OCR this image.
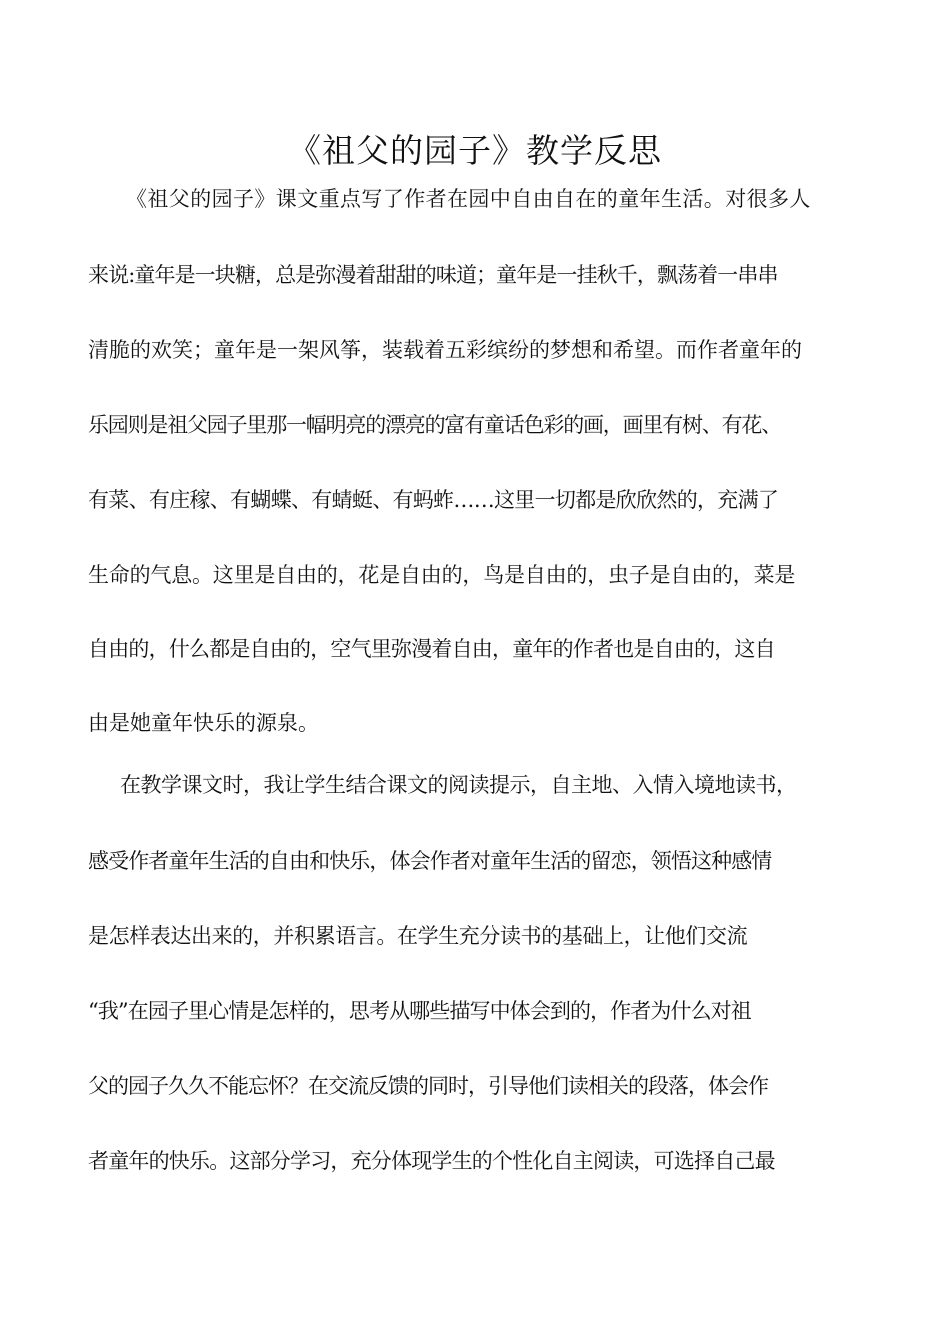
《祖父的园子》教学反思
《祖父的园子》课文重点写了作者在园中自由自在的童年生活。对很多人
来说:童年是一块糖，总是弥漫着甜甜的味道；童年是一挂秋千，飘荡着一串串
清脆的欢笑；童年是一架风筝，装载着五彩缤纷的梦想和希望。而作者童年的
乐园则是祖父园子里那一幅明亮的漂亮的富有童话色彩的画，画里有树、有花、
有菜、有庄稼、有蝴蝶、有蜻蜓、有蚂蚱……这里一切都是欣欣然的，充满了
生命的气息。这里是自由的，花是自由的，鸟是自由的，虫子是自由的，菜是
自由的，什么都是自由的，空气里弥漫着自由，童年的作者也是自由的，这自
由是她童年快乐的源泉。
在教学课文时，我让学生结合课文的阅读提示，自主地、入情入境地读书，
感受作者童年生活的自由和快乐，体会作者对童年生活的留恋，领悟这种感情
是怎样表达出来的，并积累语言。在学生充分读书的基础上，让他们交流
“我”在园子里心情是怎样的，思考从哪些描写中体会到的，作者为什么对祖
父的园子久久不能忘怀？在交流反馈的同时，引导他们读相关的段落，体会作
者童年的快乐。这部分学习，充分体现学生的个性化自主阅读，可选择自己最
